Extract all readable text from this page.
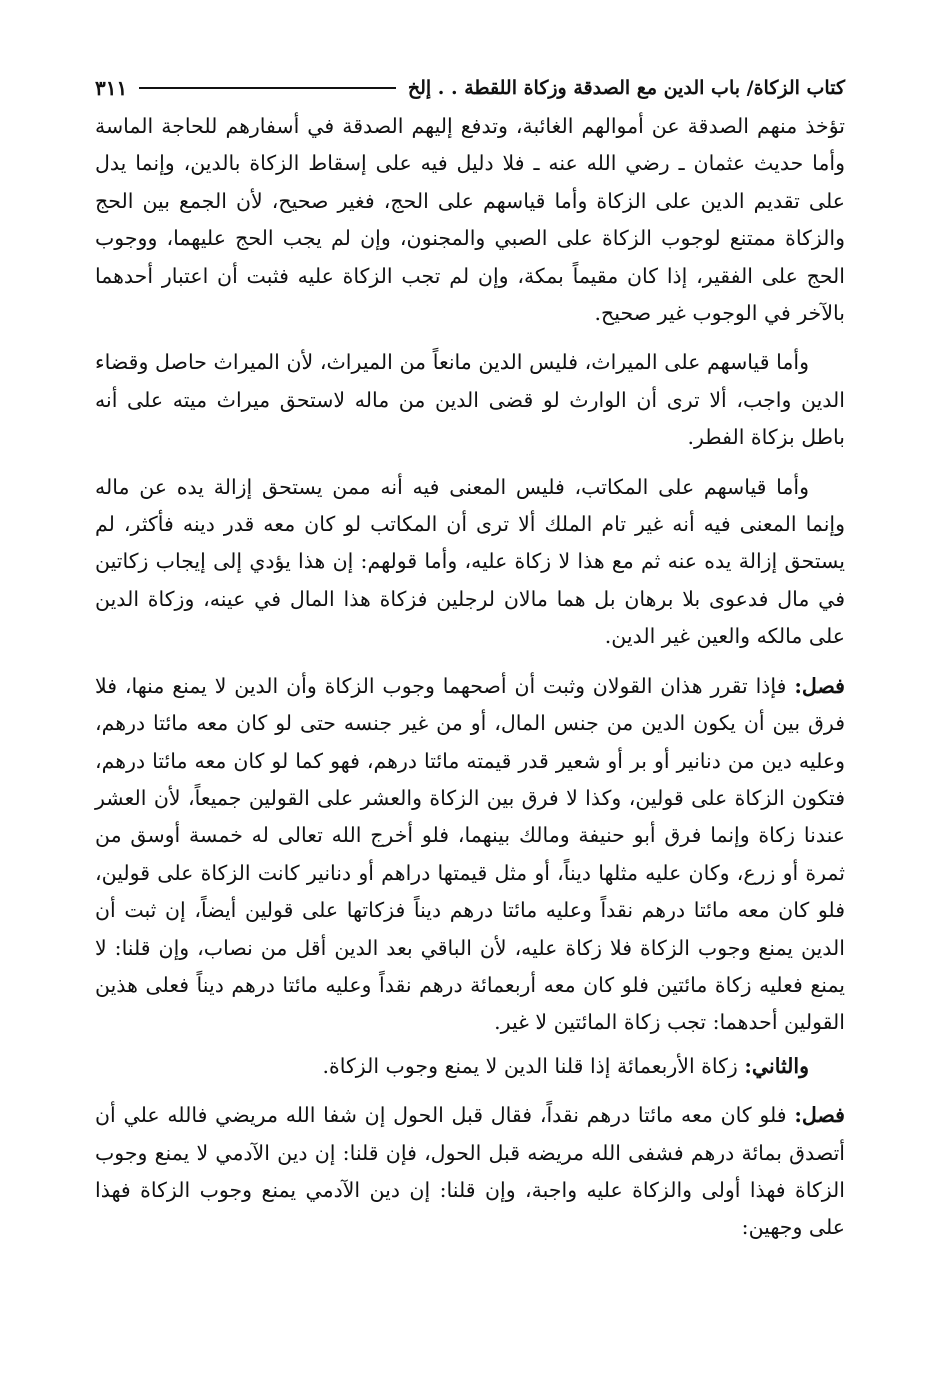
كتاب الزكاة/ باب الدين مع الصدقة وزكاة اللقطة . . إلخ
٣١١

تؤخذ منهم الصدقة عن أموالهم الغائبة، وتدفع إليهم الصدقة في أسفارهم للحاجة الماسة وأما حديث عثمان ـ رضي الله عنه ـ فلا دليل فيه على إسقاط الزكاة بالدين، وإنما يدل على تقديم الدين على الزكاة وأما قياسهم على الحج، فغير صحيح، لأن الجمع بين الحج والزكاة ممتنع لوجوب الزكاة على الصبي والمجنون، وإن لم يجب الحج عليهما، ووجوب الحج على الفقير، إذا كان مقيماً بمكة، وإن لم تجب الزكاة عليه فثبت أن اعتبار أحدهما بالآخر في الوجوب غير صحيح.

وأما قياسهم على الميراث، فليس الدين مانعاً من الميراث، لأن الميراث حاصل وقضاء الدين واجب، ألا ترى أن الوارث لو قضى الدين من ماله لاستحق ميراث ميته على أنه باطل بزكاة الفطر.

وأما قياسهم على المكاتب، فليس المعنى فيه أنه ممن يستحق إزالة يده عن ماله وإنما المعنى فيه أنه غير تام الملك ألا ترى أن المكاتب لو كان معه قدر دينه فأكثر، لم يستحق إزالة يده عنه ثم مع هذا لا زكاة عليه، وأما قولهم: إن هذا يؤدي إلى إيجاب زكاتين في مال فدعوى بلا برهان بل هما مالان لرجلين فزكاة هذا المال في عينه، وزكاة الدين على مالكه والعين غير الدين.

فصل: فإذا تقرر هذان القولان وثبت أن أصحهما وجوب الزكاة وأن الدين لا يمنع منها، فلا فرق بين أن يكون الدين من جنس المال، أو من غير جنسه حتى لو كان معه مائتا درهم، وعليه دين من دنانير أو بر أو شعير قدر قيمته مائتا درهم، فهو كما لو كان معه مائتا درهم، فتكون الزكاة على قولين، وكذا لا فرق بين الزكاة والعشر على القولين جميعاً، لأن العشر عندنا زكاة وإنما فرق أبو حنيفة ومالك بينهما، فلو أخرج الله تعالى له خمسة أوسق من ثمرة أو زرع، وكان عليه مثلها ديناً، أو مثل قيمتها دراهم أو دنانير كانت الزكاة على قولين، فلو كان معه مائتا درهم نقداً وعليه مائتا درهم ديناً فزكاتها على قولين أيضاً، إن ثبت أن الدين يمنع وجوب الزكاة فلا زكاة عليه، لأن الباقي بعد الدين أقل من نصاب، وإن قلنا: لا يمنع فعليه زكاة مائتين فلو كان معه أربعمائة درهم نقداً وعليه مائتا درهم ديناً فعلى هذين القولين أحدهما: تجب زكاة المائتين لا غير.

والثاني: زكاة الأربعمائة إذا قلنا الدين لا يمنع وجوب الزكاة.

فصل: فلو كان معه مائتا درهم نقداً، فقال قبل الحول إن شفا الله مريضي فالله علي أن أتصدق بمائة درهم فشفى الله مريضه قبل الحول، فإن قلنا: إن دين الآدمي لا يمنع وجوب الزكاة فهذا أولى والزكاة عليه واجبة، وإن قلنا: إن دين الآدمي يمنع وجوب الزكاة فهذا على وجهين:
